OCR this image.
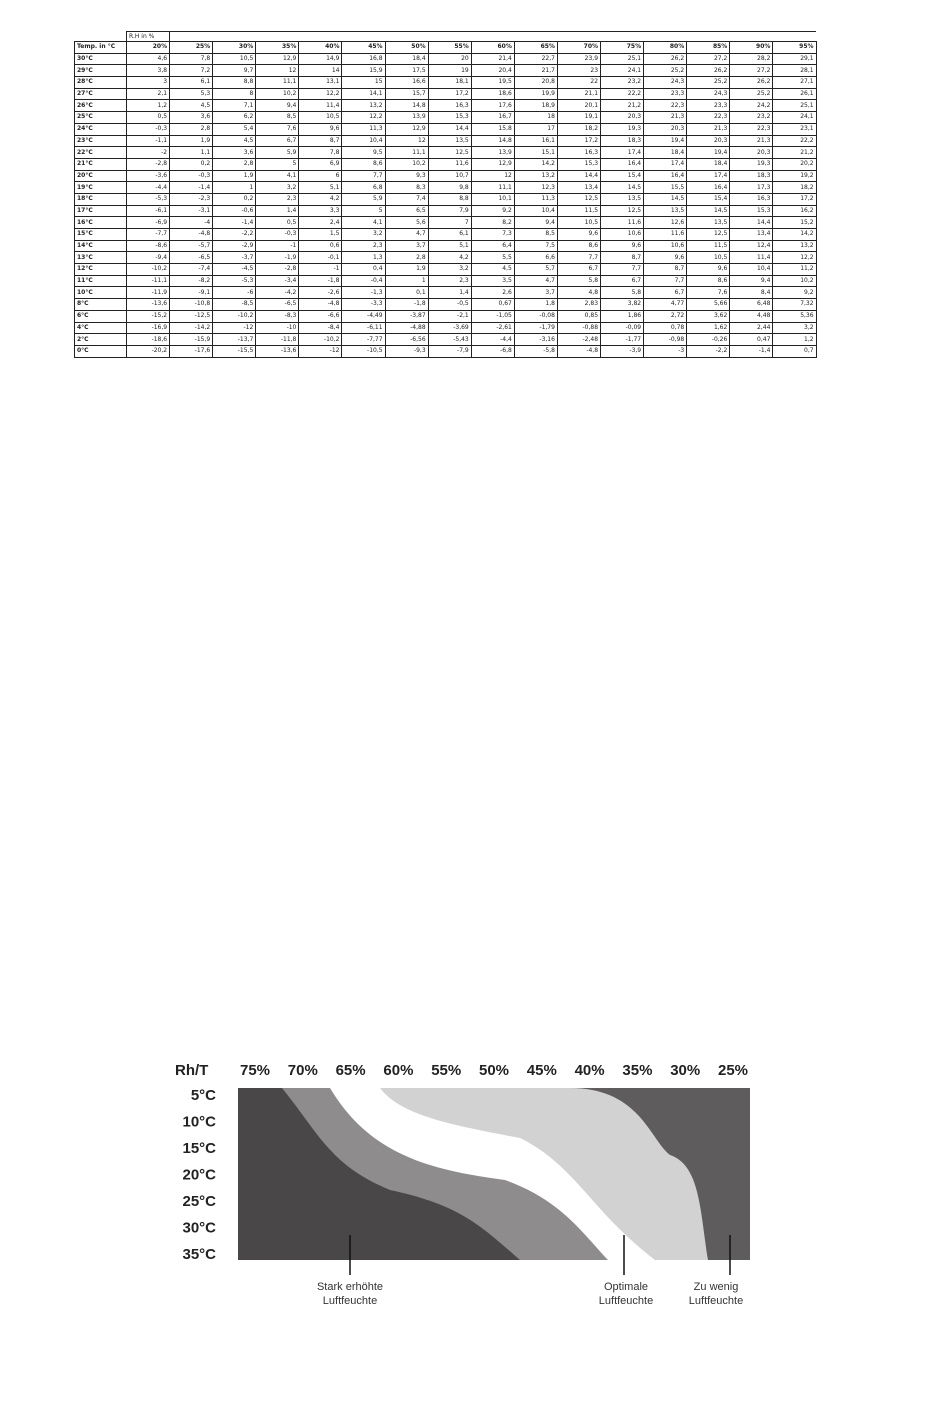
	R.H in %															
Temp. in °C	20%	25%	30%	35%	40%	45%	50%	55%	60%	65%	70%	75%	80%	85%	90%	95%
30°C	4,6	7,8	10,5	12,9	14,9	16,8	18,4	20	21,4	22,7	23,9	25,1	26,2	27,2	28,2	29,1
29°C	3,8	7,2	9,7	12	14	15,9	17,5	19	20,4	21,7	23	24,1	25,2	26,2	27,2	28,1
28°C	3	6,1	8,8	11,1	13,1	15	16,6	18,1	19,5	20,8	22	23,2	24,3	25,2	26,2	27,1
27°C	2,1	5,3	8	10,2	12,2	14,1	15,7	17,2	18,6	19,9	21,1	22,2	23,3	24,3	25,2	26,1
26°C	1,2	4,5	7,1	9,4	11,4	13,2	14,8	16,3	17,6	18,9	20,1	21,2	22,3	23,3	24,2	25,1
25°C	0,5	3,6	6,2	8,5	10,5	12,2	13,9	15,3	16,7	18	19,1	20,3	21,3	22,3	23,2	24,1
24°C	-0,3	2,8	5,4	7,6	9,6	11,3	12,9	14,4	15,8	17	18,2	19,3	20,3	21,3	22,3	23,1
23°C	-1,1	1,9	4,5	6,7	8,7	10,4	12	13,5	14,8	16,1	17,2	18,3	19,4	20,3	21,3	22,2
22°C	-2	1,1	3,6	5,9	7,8	9,5	11,1	12,5	13,9	15,1	16,3	17,4	18,4	19,4	20,3	21,2
21°C	-2,8	0,2	2,8	5	6,9	8,6	10,2	11,6	12,9	14,2	15,3	16,4	17,4	18,4	19,3	20,2
20°C	-3,6	-0,3	1,9	4,1	6	7,7	9,3	10,7	12	13,2	14,4	15,4	16,4	17,4	18,3	19,2
19°C	-4,4	-1,4	1	3,2	5,1	6,8	8,3	9,8	11,1	12,3	13,4	14,5	15,5	16,4	17,3	18,2
18°C	-5,3	-2,3	0,2	2,3	4,2	5,9	7,4	8,8	10,1	11,3	12,5	13,5	14,5	15,4	16,3	17,2
17°C	-6,1	-3,1	-0,6	1,4	3,3	5	6,5	7,9	9,2	10,4	11,5	12,5	13,5	14,5	15,3	16,2
16°C	-6,9	-4	-1,4	0,5	2,4	4,1	5,6	7	8,2	9,4	10,5	11,6	12,6	13,5	14,4	15,2
15°C	-7,7	-4,8	-2,2	-0,3	1,5	3,2	4,7	6,1	7,3	8,5	9,6	10,6	11,6	12,5	13,4	14,2
14°C	-8,6	-5,7	-2,9	-1	0,6	2,3	3,7	5,1	6,4	7,5	8,6	9,6	10,6	11,5	12,4	13,2
13°C	-9,4	-6,5	-3,7	-1,9	-0,1	1,3	2,8	4,2	5,5	6,6	7,7	8,7	9,6	10,5	11,4	12,2
12°C	-10,2	-7,4	-4,5	-2,8	-1	0,4	1,9	3,2	4,5	5,7	6,7	7,7	8,7	9,6	10,4	11,2
11°C	-11,1	-8,2	-5,3	-3,4	-1,8	-0,4	1	2,3	3,5	4,7	5,8	6,7	7,7	8,6	9,4	10,2
10°C	-11,9	-9,1	-6	-4,2	-2,6	-1,3	0,1	1,4	2,6	3,7	4,8	5,8	6,7	7,6	8,4	9,2
8°C	-13,6	-10,8	-8,5	-6,5	-4,8	-3,3	-1,8	-0,5	0,67	1,8	2,83	3,82	4,77	5,66	6,48	7,32
6°C	-15,2	-12,5	-10,2	-8,3	-6,6	-4,49	-3,87	-2,1	-1,05	-0,08	0,85	1,86	2,72	3,62	4,48	5,36
4°C	-16,9	-14,2	-12	-10	-8,4	-6,11	-4,88	-3,69	-2,61	-1,79	-0,88	-0,09	0,78	1,62	2,44	3,2
2°C	-18,6	-15,9	-13,7	-11,8	-10,2	-7,77	-6,56	-5,43	-4,4	-3,16	-2,48	-1,77	-0,98	-0,26	0,47	1,2
0°C	-20,2	-17,6	-15,5	-13,6	-12	-10,5	-9,3	-7,9	-6,8	-5,8	-4,8	-3,9	-3	-2,2	-1,4	0,7
Rh/T 75% 70% 65% 60% 55% 50% 45% 40% 35% 30% 25%
5°C
10°C
15°C
20°C
25°C
30°C
35°C
Stark erhöhte
Luftfeuchte
Optimale
Luftfeuchte
Zu wenig
Luftfeuchte
